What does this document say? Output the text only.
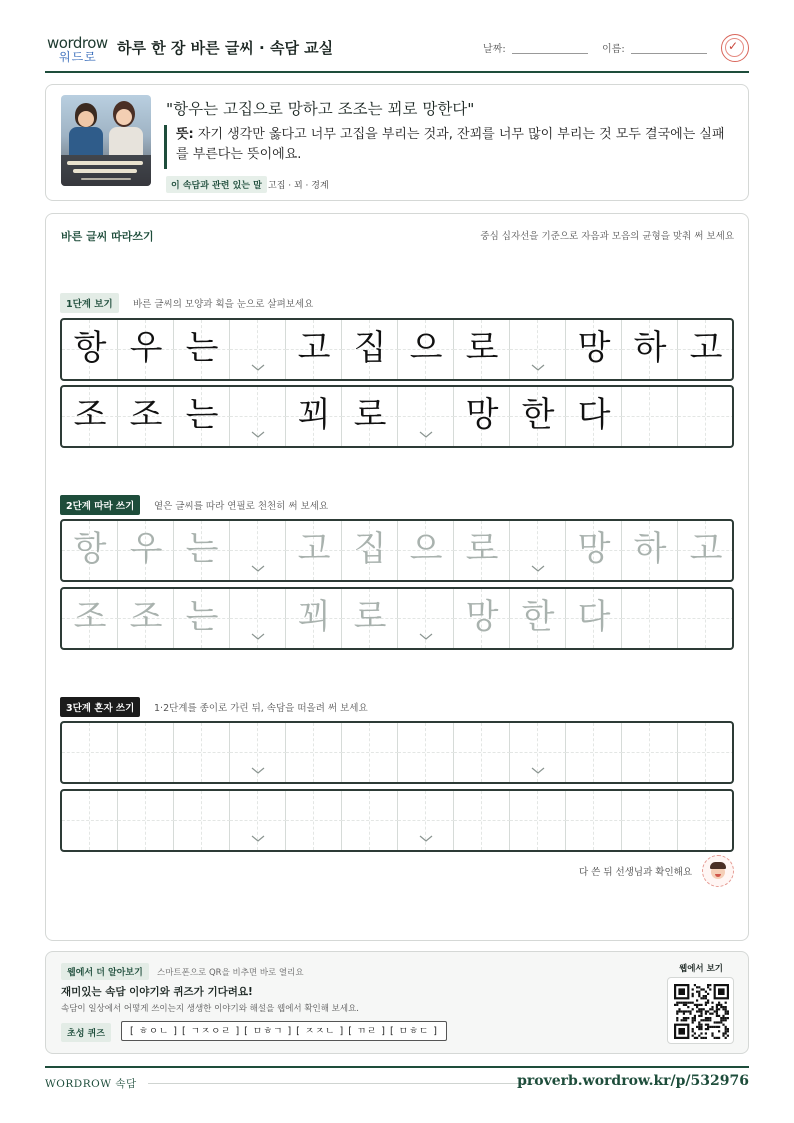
wordrow
워드로 하루 한 장 바른 글씨 · 속담 교실	날짜:	이름:	✓
"항우는 고집으로 망하고 조조는 꾀로 망한다"
뜻: 자기 생각만 옳다고 너무 고집을 부리는 것과, 잔꾀를 너무 많이 부리는 것 모두 결국에는 실패를 부른다는 뜻이에요.
이 속담과 관련 있는 말 고집 · 꾀 · 경계
바른 글씨 따라쓰기	중심 십자선을 기준으로 자음과 모음의 균형을 맞춰 써 보세요
다 쓴 뒤 선생님과 확인해요
1단계 보기	바른 글씨의 모양과 획을 눈으로 살펴보세요
2단계 따라 쓰기	옅은 글씨를 따라 연필로 천천히 써 보세요
3단계 혼자 쓰기	1·2단계를 종이로 가린 뒤, 속담을 떠올려 써 보세요
항 우 는	고 집 으 로	망 하 고
조 조 는	꾀 로	망 한 다
항 우 는	고 집 으 로	망 하 고
조 조 는	꾀 로	망 한 다
웹에서 더 알아보기	스마트폰으로 QR을 비추면 바로 열리요
재미있는 속담 이야기와 퀴즈가 기다려요!
속담이 일상에서 어떻게 쓰이는지 생생한 이야기와 해설을 웹에서 확인해 보세요.
초성 퀴즈	[ ㅎㅇㄴ ] [ ㄱㅈㅇㄹ ] [ ㅁㅎㄱ ] [ ㅈㅈㄴ ] [ ㄲㄹ ] [ ㅁㅎㄷ ]
웹에서 보기
WORDROW 속담	proverb.wordrow.kr/p/532976
